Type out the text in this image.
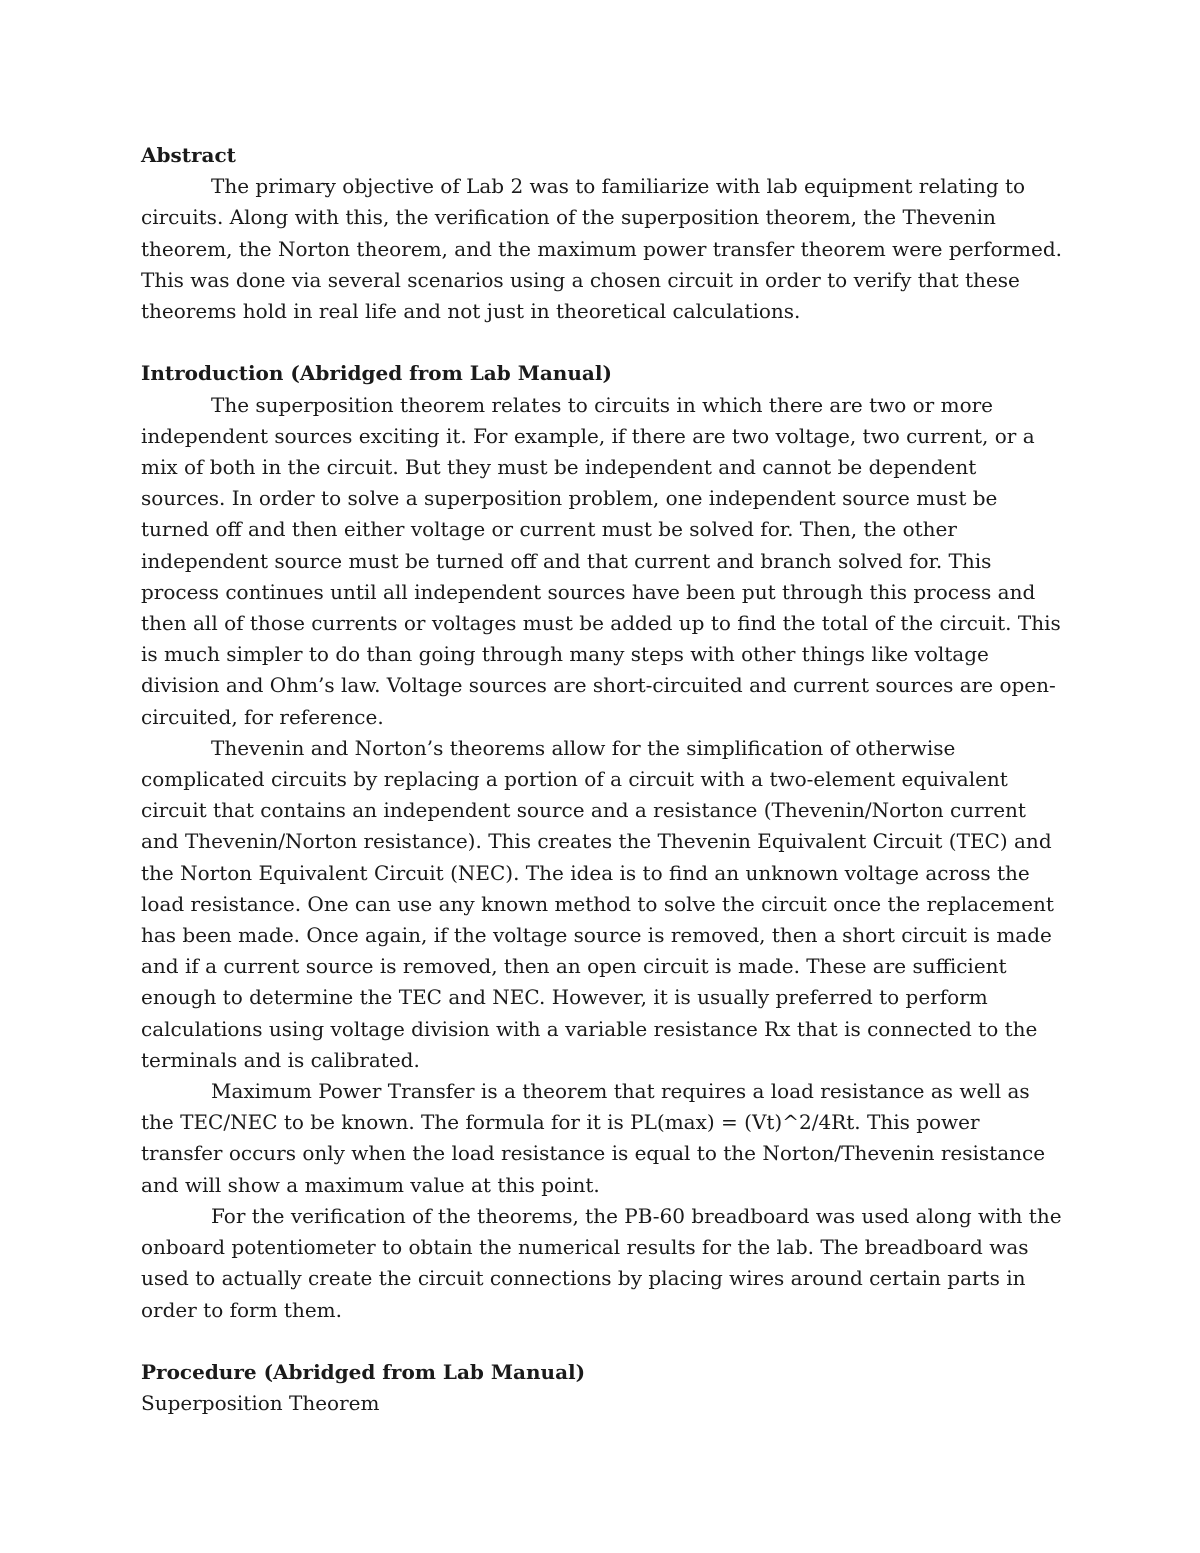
Abstract

The primary objective of Lab 2 was to familiarize with lab equipment relating to circuits. Along with this, the verification of the superposition theorem, the Thevenin theorem, the Norton theorem, and the maximum power transfer theorem were performed. This was done via several scenarios using a chosen circuit in order to verify that these theorems hold in real life and not just in theoretical calculations.

Introduction (Abridged from Lab Manual)

The superposition theorem relates to circuits in which there are two or more independent sources exciting it. For example, if there are two voltage, two current, or a mix of both in the circuit. But they must be independent and cannot be dependent sources. In order to solve a superposition problem, one independent source must be turned off and then either voltage or current must be solved for. Then, the other independent source must be turned off and that current and branch solved for. This process continues until all independent sources have been put through this process and then all of those currents or voltages must be added up to find the total of the circuit. This is much simpler to do than going through many steps with other things like voltage division and Ohm’s law. Voltage sources are short-circuited and current sources are open-circuited, for reference.

Thevenin and Norton’s theorems allow for the simplification of otherwise complicated circuits by replacing a portion of a circuit with a two-element equivalent circuit that contains an independent source and a resistance (Thevenin/Norton current and Thevenin/Norton resistance). This creates the Thevenin Equivalent Circuit (TEC) and the Norton Equivalent Circuit (NEC). The idea is to find an unknown voltage across the load resistance. One can use any known method to solve the circuit once the replacement has been made. Once again, if the voltage source is removed, then a short circuit is made and if a current source is removed, then an open circuit is made. These are sufficient enough to determine the TEC and NEC. However, it is usually preferred to perform calculations using voltage division with a variable resistance Rx that is connected to the terminals and is calibrated.

Maximum Power Transfer is a theorem that requires a load resistance as well as the TEC/NEC to be known. The formula for it is PL(max) = (Vt)^2/4Rt. This power transfer occurs only when the load resistance is equal to the Norton/Thevenin resistance and will show a maximum value at this point.

For the verification of the theorems, the PB-60 breadboard was used along with the onboard potentiometer to obtain the numerical results for the lab. The breadboard was used to actually create the circuit connections by placing wires around certain parts in order to form them.

Procedure (Abridged from Lab Manual)

Superposition Theorem
